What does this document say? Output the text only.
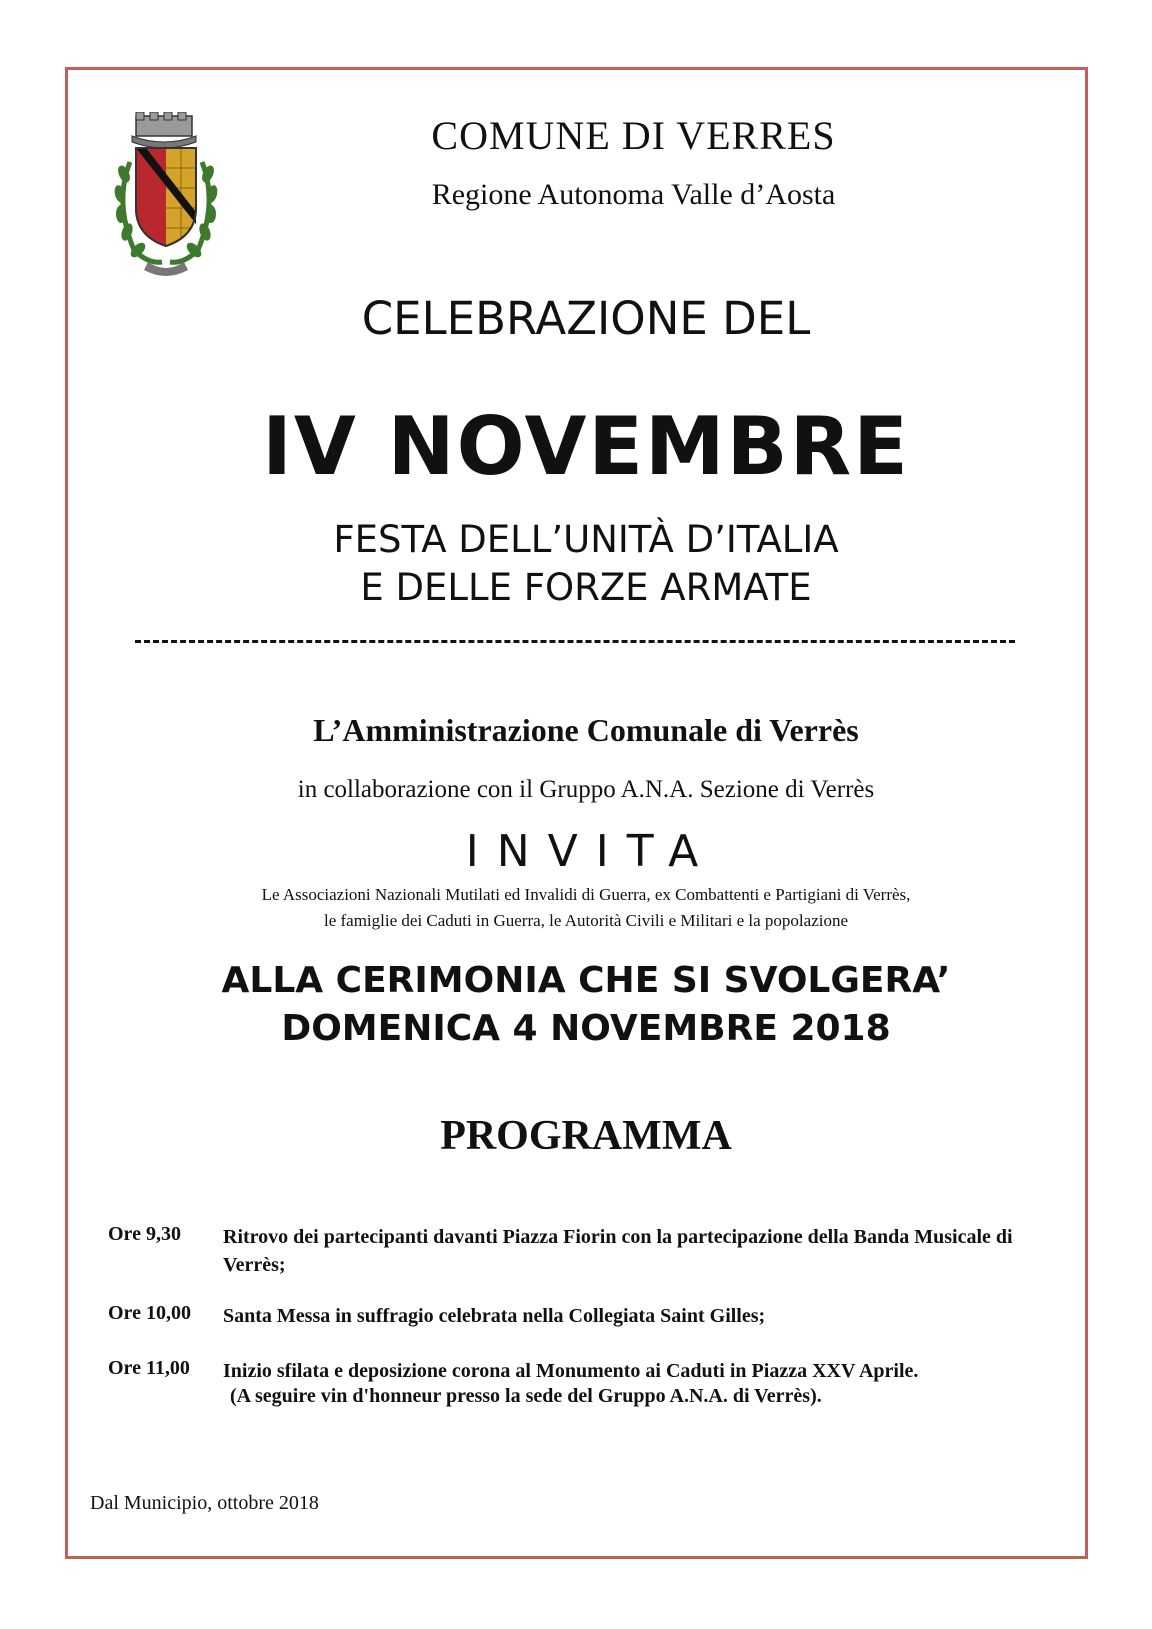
COMUNE DI VERRES
Regione Autonoma Valle d’Aosta
CELEBRAZIONE DEL
IV NOVEMBRE
FESTA DELL’UNITÀ D’ITALIA
E DELLE FORZE ARMATE
L’Amministrazione Comunale di Verrès
in collaborazione con il Gruppo A.N.A. Sezione di Verrès
INVITA
Le Associazioni Nazionali Mutilati ed Invalidi di Guerra, ex Combattenti e Partigiani di Verrès,
le famiglie dei Caduti in Guerra, le Autorità Civili e Militari e la popolazione
ALLA CERIMONIA CHE SI SVOLGERA’
DOMENICA 4 NOVEMBRE 2018
PROGRAMMA
Ore 9,30 Ritrovo dei partecipanti davanti Piazza Fiorin con la partecipazione della Banda Musicale di Verrès;
Ore 10,00 Santa Messa in suffragio celebrata nella Collegiata Saint Gilles;
Ore 11,00 Inizio sfilata e deposizione corona al Monumento ai Caduti in Piazza XXV Aprile.
(A seguire vin d'honneur presso la sede del Gruppo A.N.A. di Verrès).
Dal Municipio, ottobre 2018
